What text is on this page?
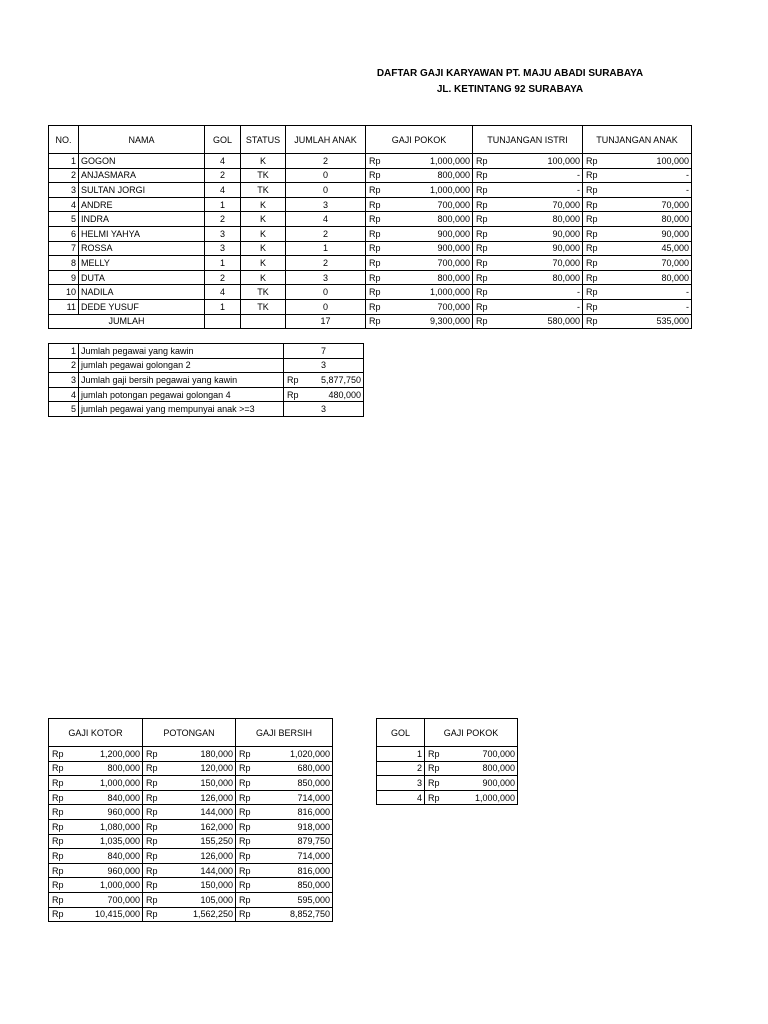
DAFTAR GAJI KARYAWAN PT. MAJU ABADI SURABAYA
JL. KETINTANG 92 SURABAYA
NO.	NAMA	GOL	STATUS	JUMLAH ANAK	GAJI POKOK	TUNJANGAN ISTRI	TUNJANGAN ANAK
1	GOGON	4	K	2	Rp 1,000,000	Rp 100,000	Rp 100,000

2	ANJASMARA	2	TK	0	Rp 800,000	Rp -	Rp -

3	SULTAN JORGI	4	TK	0	Rp 1,000,000	Rp -	Rp -

4	ANDRE	1	K	3	Rp 700,000	Rp 70,000	Rp 70,000

5	INDRA	2	K	4	Rp 800,000	Rp 80,000	Rp 80,000

6	HELMI YAHYA	3	K	2	Rp 900,000	Rp 90,000	Rp 90,000

7	ROSSA	3	K	1	Rp 900,000	Rp 90,000	Rp 45,000

8	MELLY	1	K	2	Rp 700,000	Rp 70,000	Rp 70,000

9	DUTA	2	K	3	Rp 800,000	Rp 80,000	Rp 80,000

10	NADILA	4	TK	0	Rp 1,000,000	Rp -	Rp -

11	DEDE YUSUF	1	TK	0	Rp 700,000	Rp -	Rp -

JUMLAH				17	Rp 9,300,000	Rp 580,000	Rp 535,000
1	Jumlah pegawai yang kawin	7
2	jumlah pegawai golongan 2	3
3	Jumlah gaji bersih pegawai yang kawin	Rp 5,877,750

4	jumlah potongan pegawai golongan 4	Rp 480,000

5	jumlah pegawai yang mempunyai anak >=3	3
GAJI KOTOR	POTONGAN	GAJI BERSIH

Rp 1,200,000	Rp 180,000	Rp 1,020,000

Rp 800,000	Rp 120,000	Rp 680,000

Rp 1,000,000	Rp 150,000	Rp 850,000

Rp 840,000	Rp 126,000	Rp 714,000

Rp 960,000	Rp 144,000	Rp 816,000

Rp 1,080,000	Rp 162,000	Rp 918,000

Rp 1,035,000	Rp 155,250	Rp 879,750

Rp 840,000	Rp 126,000	Rp 714,000

Rp 960,000	Rp 144,000	Rp 816,000

Rp 1,000,000	Rp 150,000	Rp 850,000

Rp 700,000	Rp 105,000	Rp 595,000

Rp 10,415,000	Rp 1,562,250	Rp 8,852,750
GOL	GAJI POKOK
1	Rp 700,000

2	Rp 800,000

3	Rp 900,000

4	Rp 1,000,000
